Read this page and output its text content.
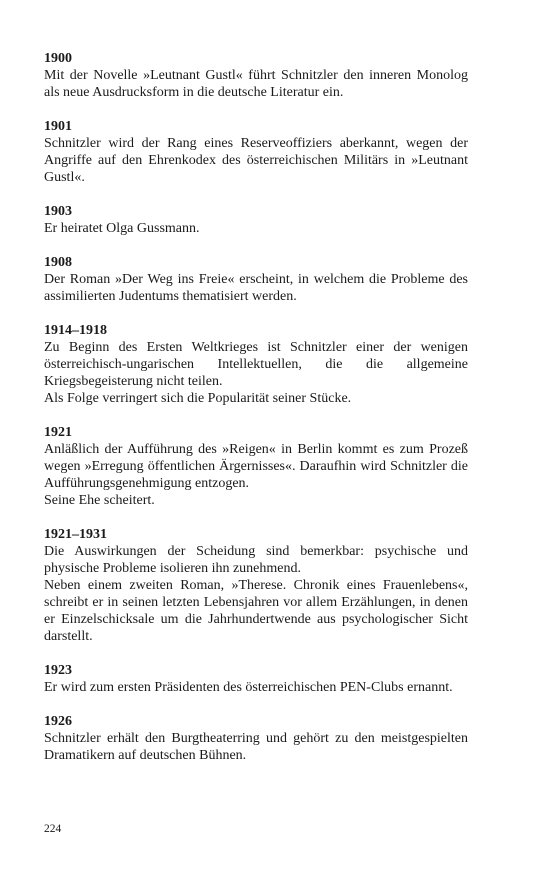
1900

Mit der Novelle »Leutnant Gustl« führt Schnitzler den inneren Monolog als neue Ausdrucksform in die deutsche Literatur ein.

1901

Schnitzler wird der Rang eines Reserveoffiziers aberkannt, wegen der Angriffe auf den Ehrenkodex des österreichischen Militärs in »Leutnant Gustl«.

1903

Er heiratet Olga Gussmann.

1908

Der Roman »Der Weg ins Freie« erscheint, in welchem die Probleme des assimilierten Judentums thematisiert werden.

1914–1918

Zu Beginn des Ersten Weltkrieges ist Schnitzler einer der wenigen österreichisch-ungarischen Intellektuellen, die die allgemeine Kriegsbegeisterung nicht teilen.

Als Folge verringert sich die Popularität seiner Stücke.

1921

Anläßlich der Aufführung des »Reigen« in Berlin kommt es zum Prozeß wegen »Erregung öffentlichen Ärgernisses«. Daraufhin wird Schnitzler die Aufführungsgenehmigung entzogen.

Seine Ehe scheitert.

1921–1931

Die Auswirkungen der Scheidung sind bemerkbar: psychische und physische Probleme isolieren ihn zunehmend.

Neben einem zweiten Roman, »Therese. Chronik eines Frauenlebens«, schreibt er in seinen letzten Lebensjahren vor allem Erzählungen, in denen er Einzelschicksale um die Jahrhundertwende aus psychologischer Sicht darstellt.

1923

Er wird zum ersten Präsidenten des österreichischen PEN-Clubs ernannt.

1926

Schnitzler erhält den Burgtheaterring und gehört zu den meistgespielten Dramatikern auf deutschen Bühnen.

224
